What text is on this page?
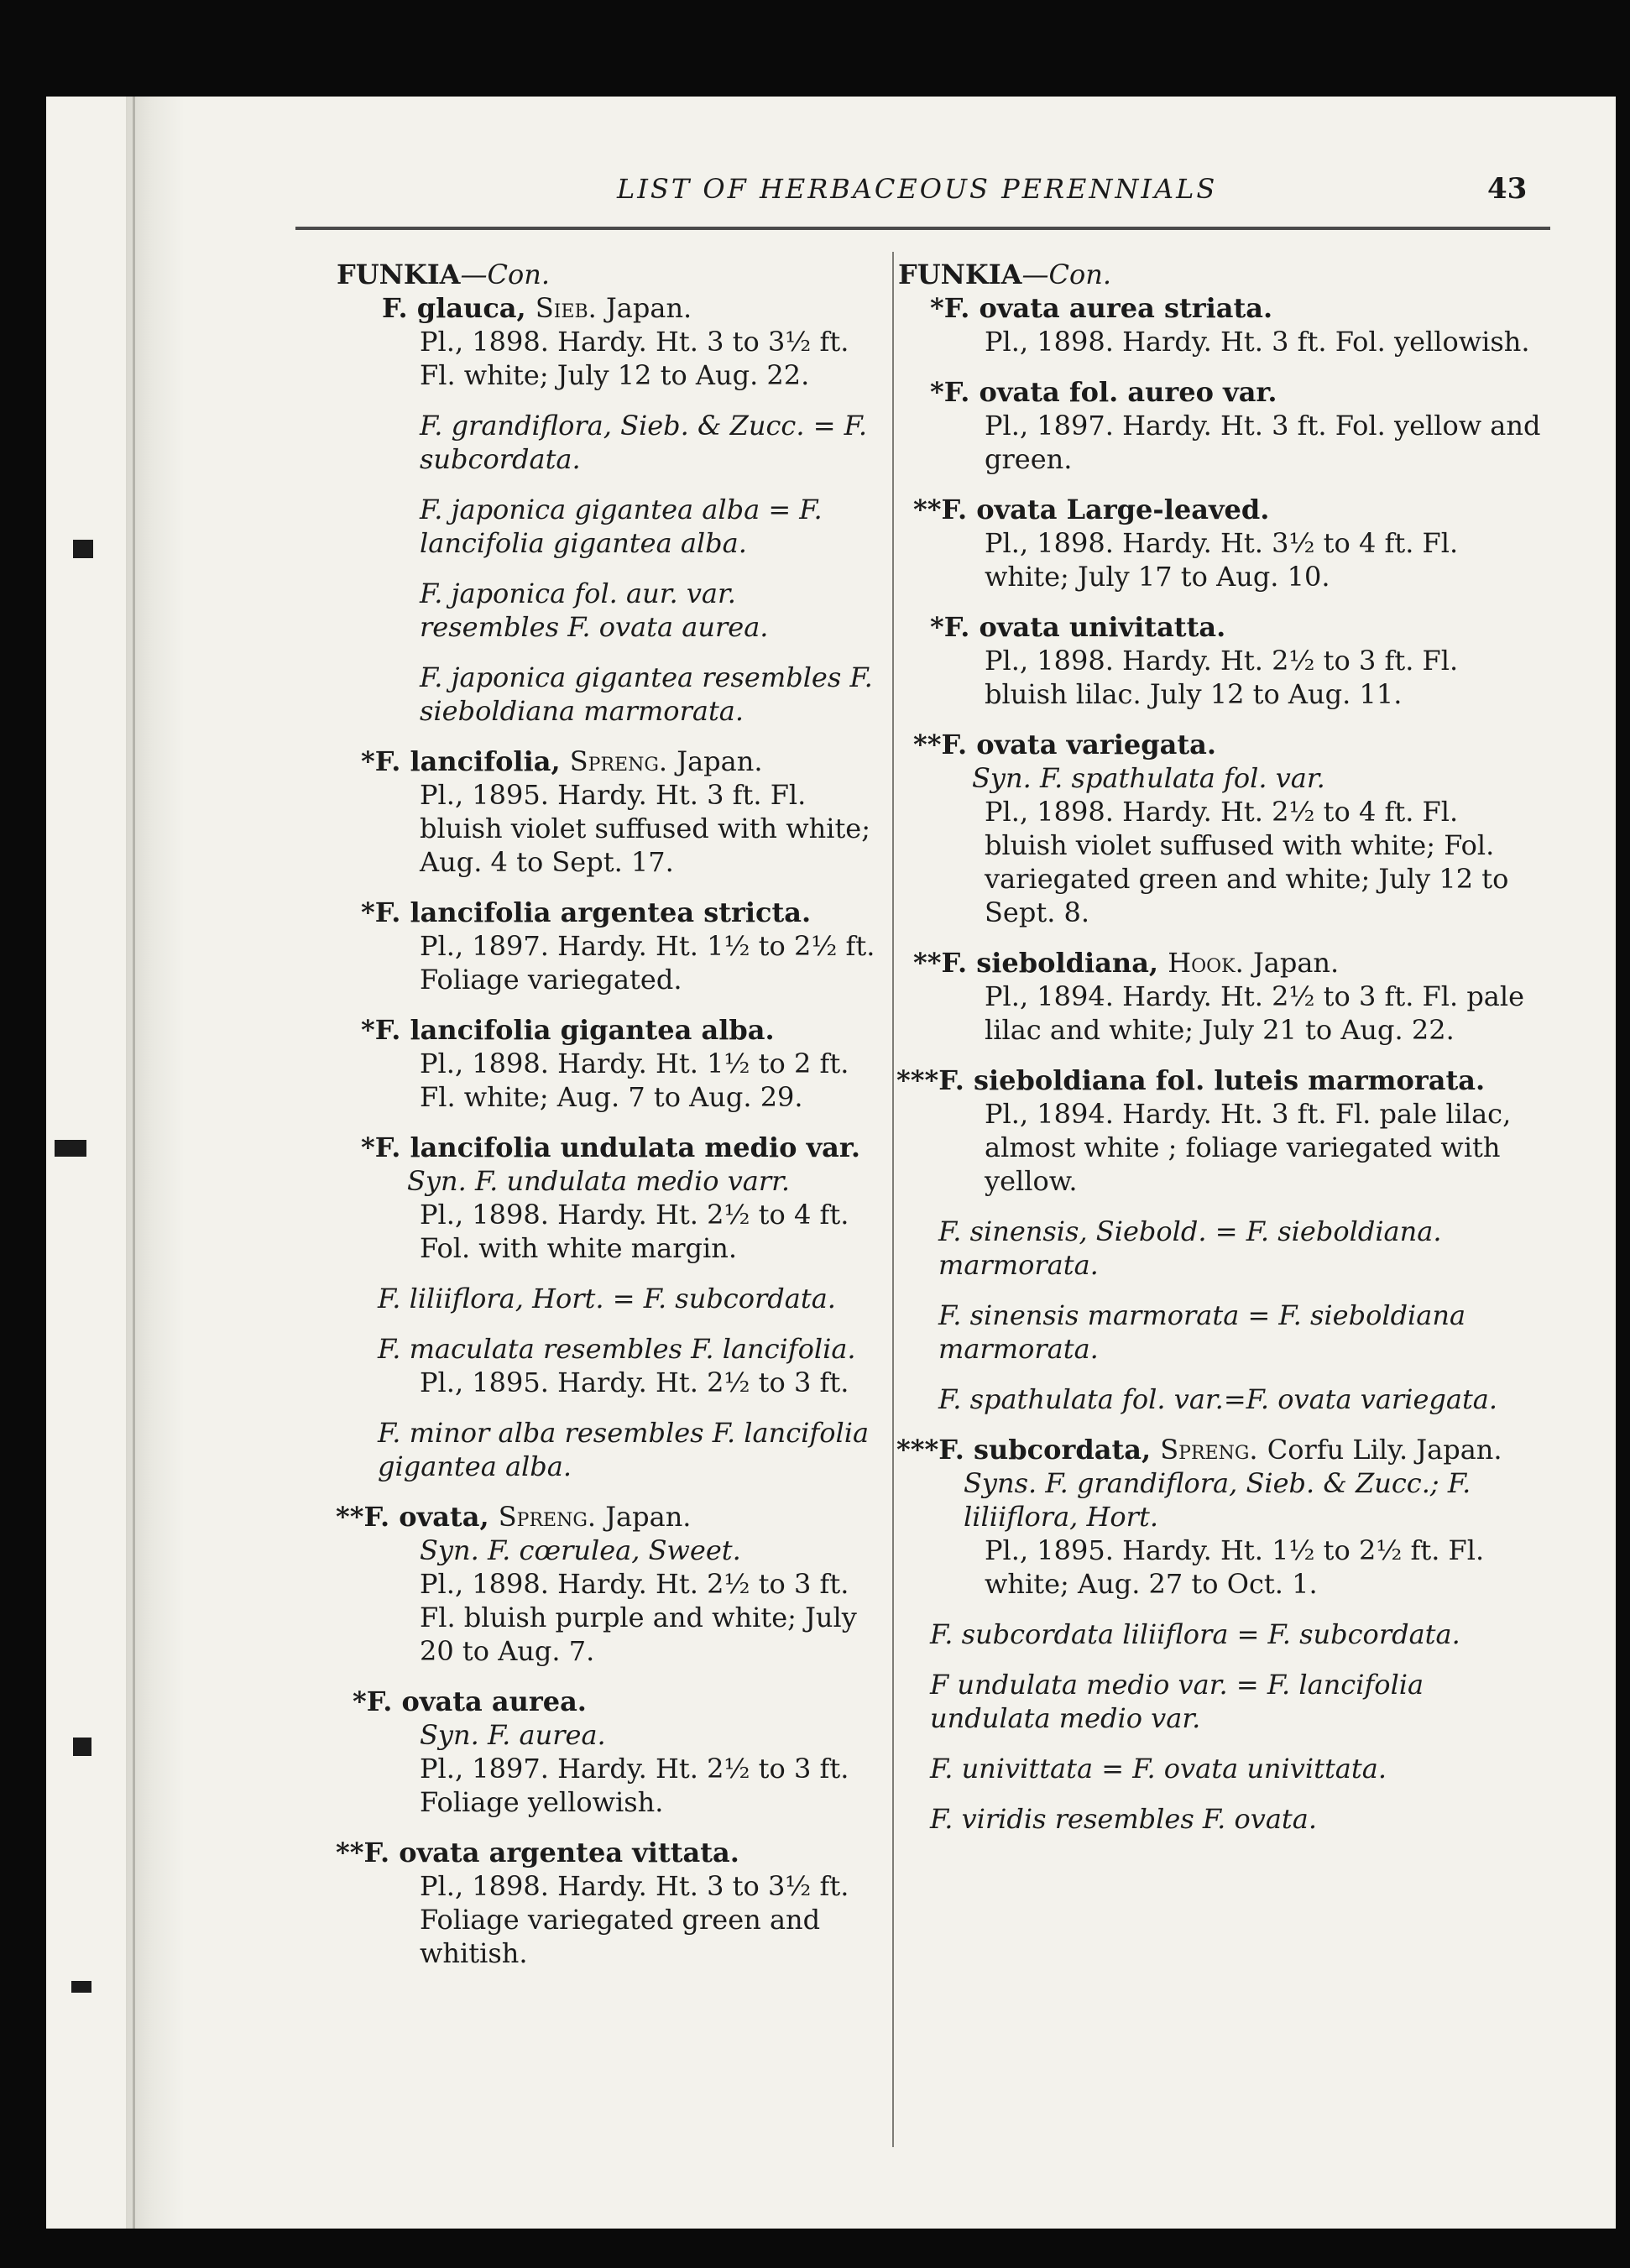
LIST OF HERBACEOUS PERENNIALS	43
FUNKIA—Con.
F. glauca, Sieb. Japan.
Pl., 1898. Hardy. Ht. 3 to 3½ ft. Fl. white; July 12 to Aug. 22.
F. grandiflora, Sieb. & Zucc. = F. subcordata.
F. japonica gigantea alba = F. lancifolia gigantea alba.
F. japonica fol. aur. var. resembles F. ovata aurea.
F. japonica gigantea resembles F. sieboldiana marmorata.
*F. lancifolia, Spreng. Japan.
Pl., 1895. Hardy. Ht. 3 ft. Fl. bluish violet suffused with white; Aug. 4 to Sept. 17.
*F. lancifolia argentea stricta.
Pl., 1897. Hardy. Ht. 1½ to 2½ ft. Foliage variegated.
*F. lancifolia gigantea alba.
Pl., 1898. Hardy. Ht. 1½ to 2 ft. Fl. white; Aug. 7 to Aug. 29.
*F. lancifolia undulata medio var.
Syn. F. undulata medio varr.
Pl., 1898. Hardy. Ht. 2½ to 4 ft. Fol. with white margin.
F. liliiflora, Hort. = F. subcordata.
F. maculata resembles F. lancifolia.
Pl., 1895. Hardy. Ht. 2½ to 3 ft.
F. minor alba resembles F. lancifolia gigantea alba.
**F. ovata, Spreng. Japan.
Syn. F. cœrulea, Sweet.
Pl., 1898. Hardy. Ht. 2½ to 3 ft. Fl. bluish purple and white; July 20 to Aug. 7.
*F. ovata aurea.
Syn. F. aurea.
Pl., 1897. Hardy. Ht. 2½ to 3 ft. Foliage yellowish.
**F. ovata argentea vittata.
Pl., 1898. Hardy. Ht. 3 to 3½ ft. Foliage variegated green and whitish.
FUNKIA—Con.
*F. ovata aurea striata.
Pl., 1898. Hardy. Ht. 3 ft. Fol. yellowish.
*F. ovata fol. aureo var.
Pl., 1897. Hardy. Ht. 3 ft. Fol. yellow and green.
**F. ovata Large-leaved.
Pl., 1898. Hardy. Ht. 3½ to 4 ft. Fl. white; July 17 to Aug. 10.
*F. ovata univitatta.
Pl., 1898. Hardy. Ht. 2½ to 3 ft. Fl. bluish lilac. July 12 to Aug. 11.
**F. ovata variegata.
Syn. F. spathulata fol. var.
Pl., 1898. Hardy. Ht. 2½ to 4 ft. Fl. bluish violet suffused with white; Fol. variegated green and white; July 12 to Sept. 8.
**F. sieboldiana, Hook. Japan.
Pl., 1894. Hardy. Ht. 2½ to 3 ft. Fl. pale lilac and white; July 21 to Aug. 22.
***F. sieboldiana fol. luteis marmorata.
Pl., 1894. Hardy. Ht. 3 ft. Fl. pale lilac, almost white ; foliage variegated with yellow.
F. sinensis, Siebold. = F. sieboldiana. marmorata.
F. sinensis marmorata = F. sieboldiana marmorata.
F. spathulata fol. var.=F. ovata variegata.
***F. subcordata, Spreng. Corfu Lily. Japan.
Syns. F. grandiflora, Sieb. & Zucc.; F. liliiflora, Hort.
Pl., 1895. Hardy. Ht. 1½ to 2½ ft. Fl. white; Aug. 27 to Oct. 1.
F. subcordata liliiflora = F. subcordata.
F undulata medio var. = F. lancifolia undulata medio var.
F. univittata = F. ovata univittata.
F. viridis resembles F. ovata.
